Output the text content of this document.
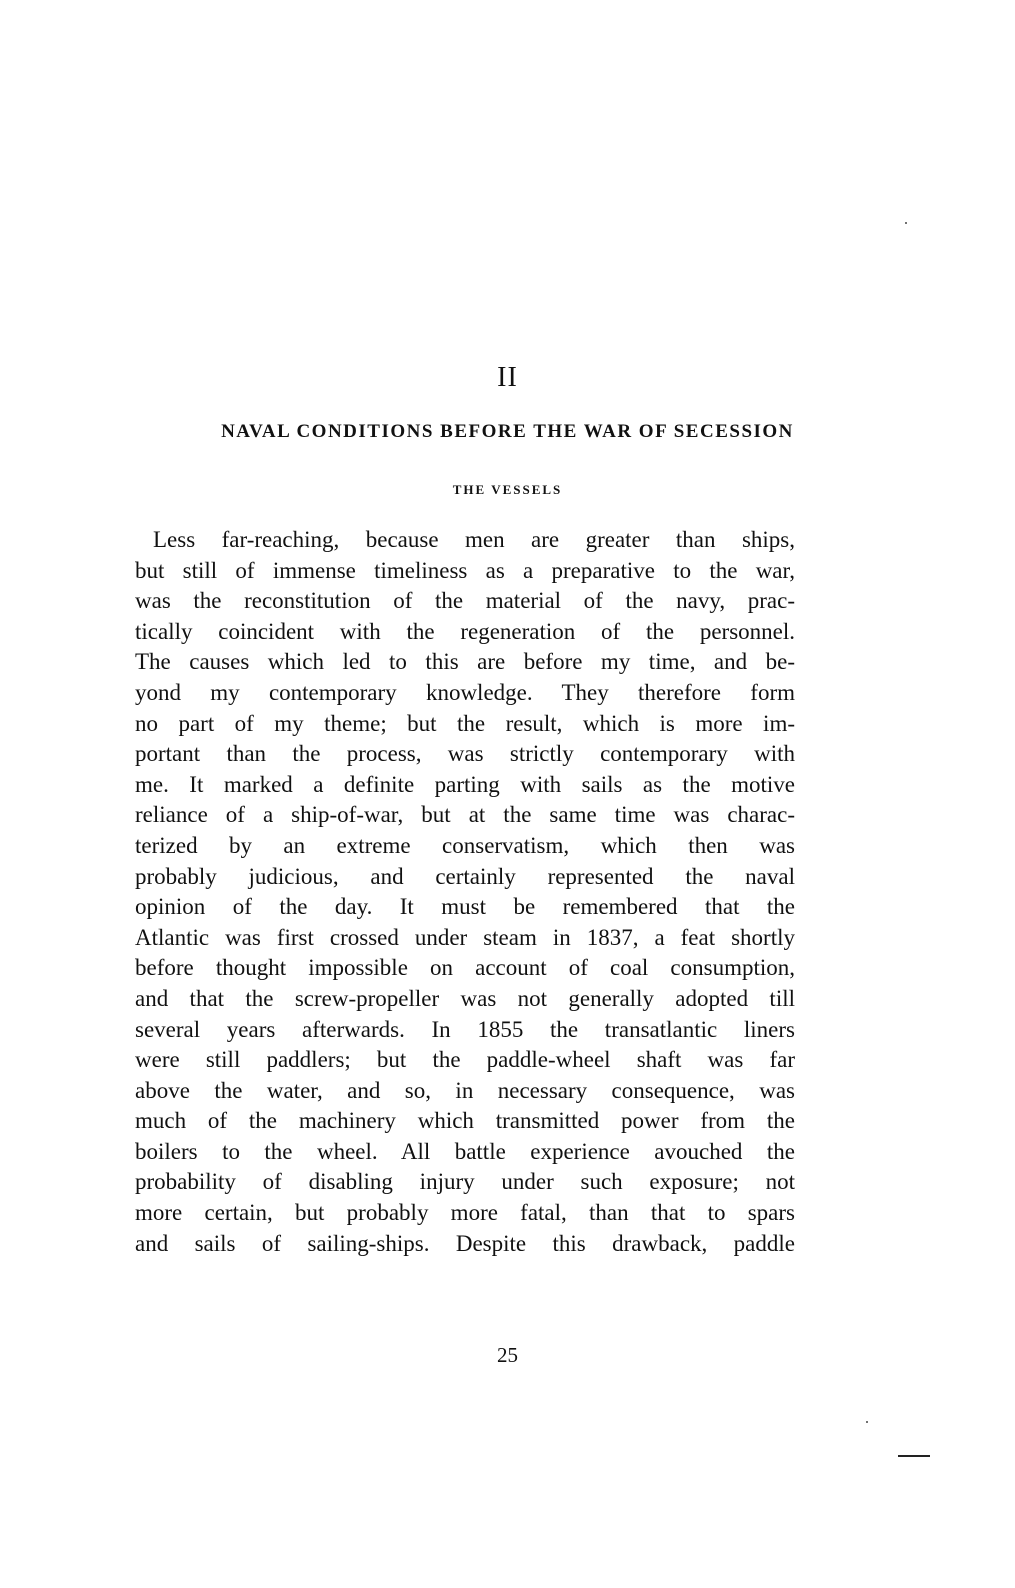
II
NAVAL CONDITIONS BEFORE THE WAR OF SECESSION
THE VESSELS
Less far-reaching, because men are greater than ships,
but still of immense timeliness as a preparative to the war,
was the reconstitution of the material of the navy, prac-
tically coincident with the regeneration of the personnel.
The causes which led to this are before my time, and be-
yond my contemporary knowledge. They therefore form
no part of my theme; but the result, which is more im-
portant than the process, was strictly contemporary with
me. It marked a definite parting with sails as the motive
reliance of a ship-of-war, but at the same time was charac-
terized by an extreme conservatism, which then was
probably judicious, and certainly represented the naval
opinion of the day. It must be remembered that the
Atlantic was first crossed under steam in 1837, a feat shortly
before thought impossible on account of coal consumption,
and that the screw-propeller was not generally adopted till
several years afterwards. In 1855 the transatlantic liners
were still paddlers; but the paddle-wheel shaft was far
above the water, and so, in necessary consequence, was
much of the machinery which transmitted power from the
boilers to the wheel. All battle experience avouched the
probability of disabling injury under such exposure; not
more certain, but probably more fatal, than that to spars
and sails of sailing-ships. Despite this drawback, paddle
25
